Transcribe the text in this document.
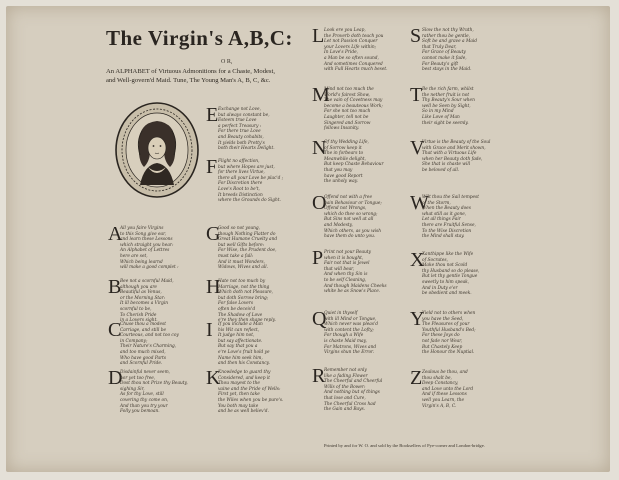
The Virgin's A,B,C:
O R,
An ALPHABET of Virtuous Admonitions for a Chaste, Modest,
and Well-govern'd Maid. Tune, The Young Man's A, B, C, &c.
A
All you faire Virgins
to this Song give ear,
and learn these Lessons
which straight you hear:
An Alphabet of Lettres
here are set,
Which being learnd
will make a good complet :
B
Bee not a scornful Maid,
although you are
Beautiful as Venus,
or the Morning Star:
It ill becomes a Virgin
scornful to be,
To Cherish Pride
in a Lovers sight.
C
Chuse thou a modest
Carriage, and still be
Courteous, and not too coy
in Company;
Their Nature's Charming,
and too much mixed,
Who have good Parts
and Scornful Pride.
D
Disdainful never seem,
nor yet too free,
Dost thou not Prize thy Beauty,
sighing Sir,
As for thy Love, still
covering thy come on,
And than you try your
Folly you bemoan.
E Exchange not Love,
but always constant be,
Esteem true Love
a perfect Treasury :
For there true Love
and Beauty cohabits,
It yields both Pretty's
both their Hearts Delight.
F Flight no affection,
but where Hopes are just,
for there lives Virtue,
there all your Love be plac'd ;
For Discretion there
Love's Root to be't,
It breeds Distinction
where the Grounds do Sight.
G
Good so not young,
though Nothing Flatter do
Great Humane Cruelty and
but well Gifts before:
For Wise, the Prudent doe,
must take a fall:
And it must Wonders,
Widows, Wives and all.
H
Hate not too much by
Marriage, not the thing
Which doth not Pleasure,
but doth Sorrow bring;
For false Lovers
often be deceiv'd
The Shadow of Love
e're they then shape reply.
I If you include a Man
his Wit can reflect,
It judge him not,
but say affectionate.
But say that you a
e're Love's fruit hold ye
Name him seek him,
and then his Constancy.
K
Knowledge to guard thy
Considered, and keep it
Thou mayest to the
vaine and the Pride of Wells:
First yet, then take
the Wiles when you be pure's.
You both may take
and be as well believ'd.
L Look ere you Leap,
the Proverb doth teach you
Let not Passion Conquer
your Lovers Life within;
In Love's Pride,
a Man be so often sound,
And sometimes Conquered
with Full Hearts much beset.
M
Mind not too much the
World's fairest Show,
The vain of Covetness may
become a beauteous Work;
For she not too much
Laughter, tell not be
Singered and Sorrow
follows Insanity.
N
Of thy Wedding Life,
of Sorrow keep it
The in forbears to
Meanwhile delight,
But keep Chaste Behaviour
that you may
have good Report
the unholy way.
O
Offend not with a free
gain Behaviour or Tongue;
Offend not Wrongs,
which do thee so wrong;
But Sins not well at all
and Modesty,
Which others, as you wish
have them do unto you.
P Print not your Beauty
when it is bought,
Fair not that is Jewel
that will bear,
And when thy Sin is
to be self Cleaning,
And though Maidens Cheeks
white be as Snow's Place.
Q
Quiet in thyself
with ill Mind or Tongue,
Which never was pleas'd
with content the Lofty;
For though a Wife
is chaste Maid may,
For Matrons, Wives and
Virgins shun the Error.
R
Remember not only
like a fading Flower
The Cheerful and Cheerful
Wills of the Bower:
And nothing but of things
that lose and Cure,
The Cheerful Cross had
the Gain and Bays.
S Slow the not thy Wrath,
rather thou be gentle,
Soft be and grave a Maid
that Truly Dear,
For Grace of Beauty
cannot make it fade,
For Beauty's gift
best stays in the Maid.
T Be the rich farm, whilst
the nether fruit is not
Thy Beauty's Sour when
well be Seen by Sight,
So in my Mind
Like Love of Man
their sight be seemly.
V
Virtue is the Beauty of the Soul
with Grace and Merit shown,
That with a Virtuous Life
when her Beauty doth fade,
She that is chaste will
be beloved of all.
W
Wilt thou the Sail tempest
of the Storm,
When the Beauty does
what still as it gone,
Let all things Fair
there are Fruitful Sense,
To the Wise Discretion
the Mind shall stay.
X
Xanthippe like the Wife
of Socrates,
Make thou not Scold
thy Husband so do please,
But let thy gentle Tongue
sweetly to him speak,
And in Duty e'er
be obedient and meek.
Y
Yield not to others when
you have the Seed,
The Pleasures of your
Youthful Husband's Bed;
For these Joys do
not fade nor Wear,
But Chastely Keep
the Honour the Nuptial.
Z Zealous be thou, and
thou shalt be,
Deep Constancy,
and Love unto the Lord
And if these Lessons
well you Learn, the
Virgin's A, B, C.
Printed by and for W. O. and sold by the Booksellers of Pye-corner and London-bridge.
